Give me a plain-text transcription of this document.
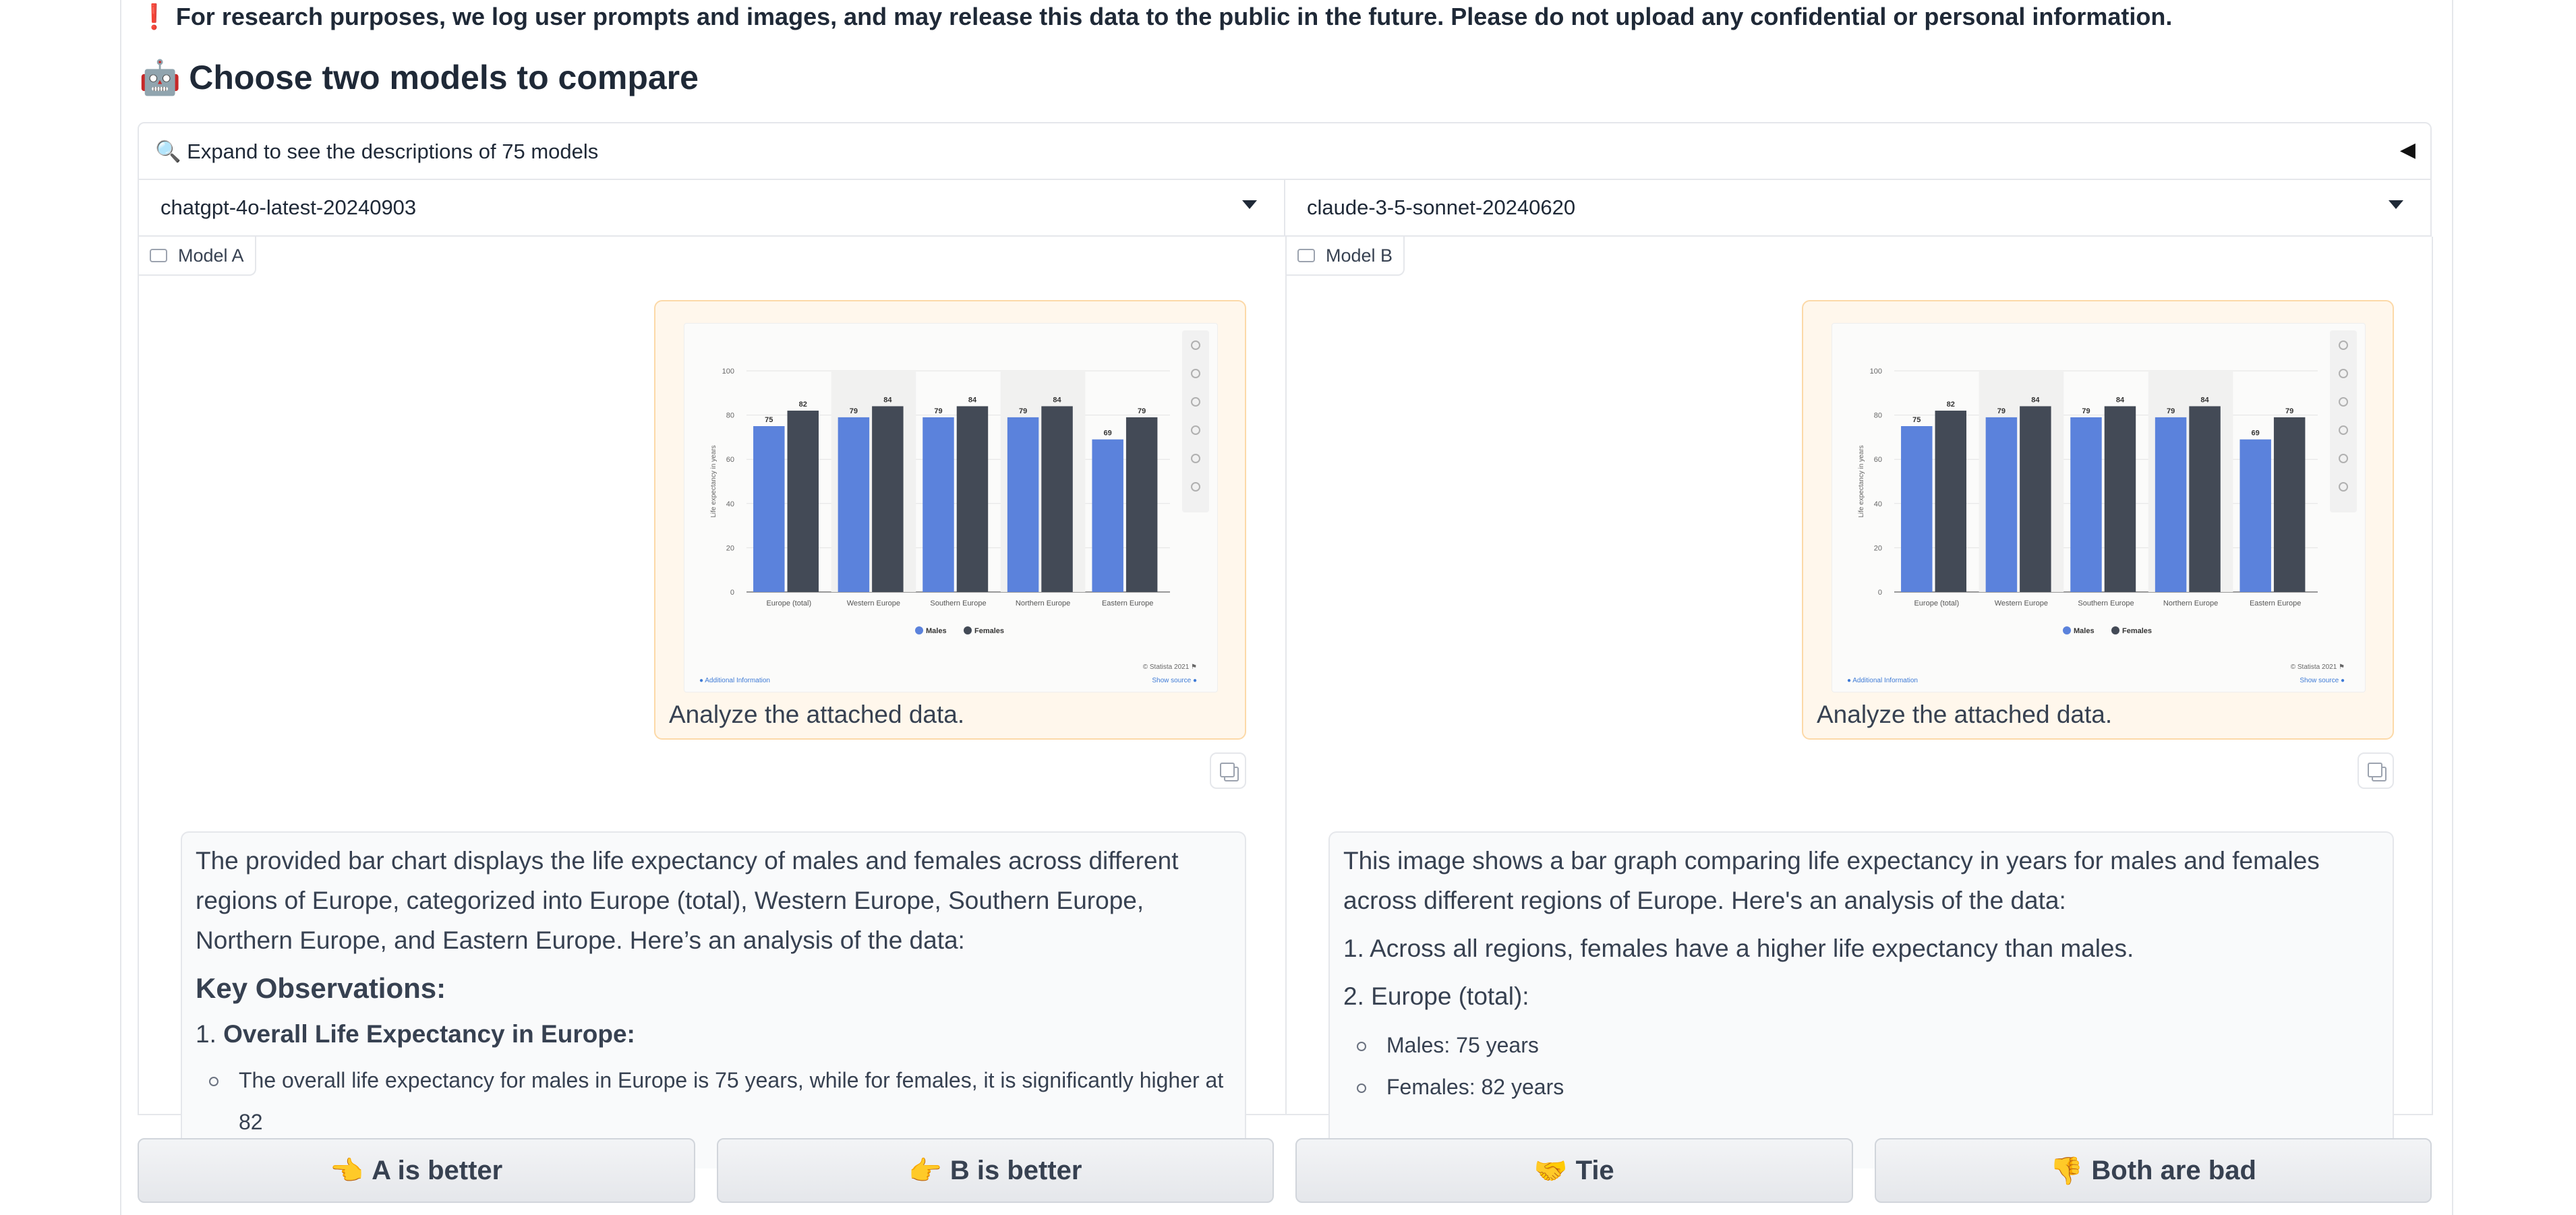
❗ For research purposes, we log user prompts and images, and may release this data to the public in the future. Please do not upload any confidential or personal information.
🤖 Choose two models to compare
🔍 Expand to see the descriptions of 75 models	◀
chatgpt-4o-latest-20240903	claude-3-5-sonnet-20240620
Model A
0
20
40
60
80
100
Life expectancy in years
75
82
Europe (total)
79
84
Western Europe
79
84
Southern Europe
79
84
Northern Europe
69
79
Eastern Europe
Males	Females
● Additional Information
© Statista 2021 ⚑
Show source ●
Analyze the attached data.

The provided bar chart displays the life expectancy of males and females across different regions of Europe, categorized into Europe (total), Western Europe, Southern Europe, Northern Europe, and Eastern Europe. Here’s an analysis of the data:

Key Observations:
1. Overall Life Expectancy in Europe:
The overall life expectancy for males in Europe is 75 years, while for females, it is significantly higher at 82
Model B
0
20
40
60
80
100
Life expectancy in years
75
82
Europe (total)
79
84
Western Europe
79
84
Southern Europe
79
84
Northern Europe
69
79
Eastern Europe
Males	Females
● Additional Information
© Statista 2021 ⚑
Show source ●
Analyze the attached data.

This image shows a bar graph comparing life expectancy in years for males and females across different regions of Europe. Here's an analysis of the data:

1. Across all regions, females have a higher life expectancy than males.

2. Europe (total):

Males: 75 years
Females: 82 years
👈 A is better	👉 B is better	🤝 Tie	👎 Both are bad
